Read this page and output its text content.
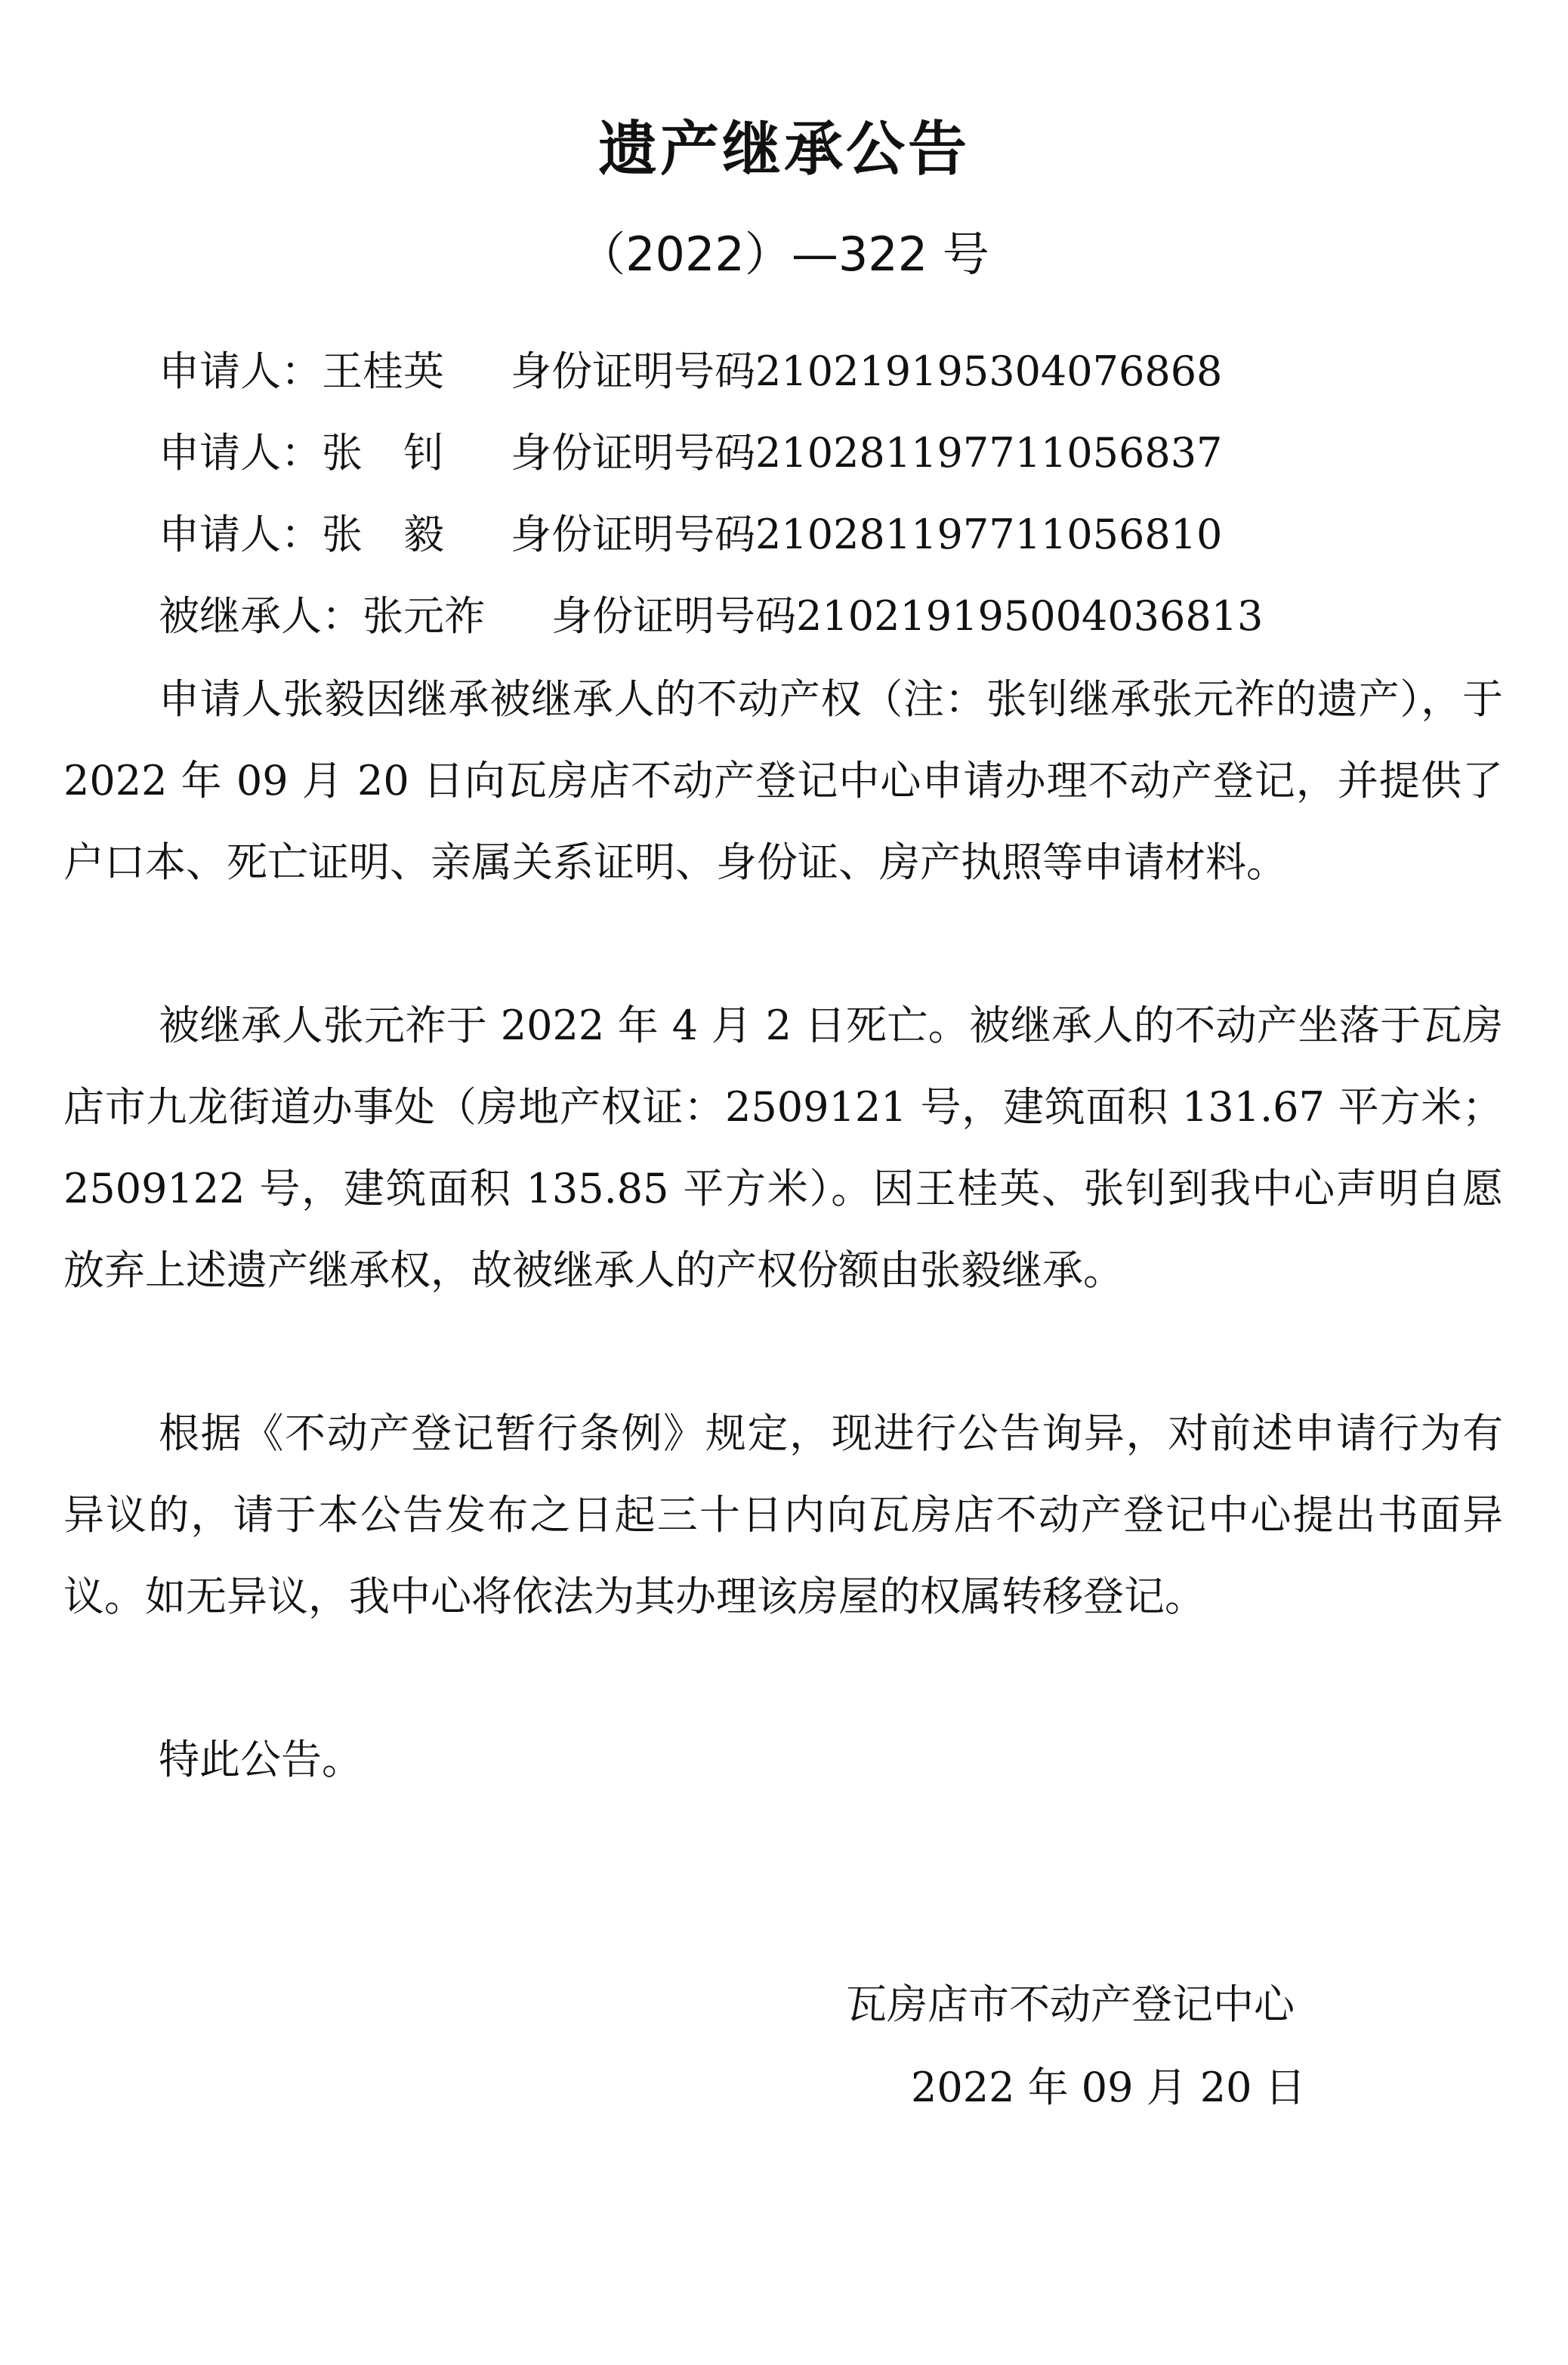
遗产继承公告
（2022）—322 号
申请人：王桂英 身份证明号码210219195304076868
申请人：张　钊 身份证明号码210281197711056837
申请人：张　毅 身份证明号码210281197711056810
被继承人：张元祚 身份证明号码210219195004036813

申请人张毅因继承被继承人的不动产权（注：张钊继承张元祚的遗产），于 2022 年 09 月 20 日向瓦房店不动产登记中心申请办理不动产登记，并提供了户口本、死亡证明、亲属关系证明、身份证、房产执照等申请材料。

被继承人张元祚于 2022 年 4 月 2 日死亡。被继承人的不动产坐落于瓦房店市九龙街道办事处（房地产权证：2509121 号，建筑面积 131.67 平方米；2509122 号，建筑面积 135.85 平方米）。因王桂英、张钊到我中心声明自愿放弃上述遗产继承权，故被继承人的产权份额由张毅继承。

根据《不动产登记暂行条例》规定，现进行公告询异，对前述申请行为有异议的，请于本公告发布之日起三十日内向瓦房店不动产登记中心提出书面异议。如无异议，我中心将依法为其办理该房屋的权属转移登记。

特此公告。

瓦房店市不动产登记中心
2022 年 09 月 20 日
